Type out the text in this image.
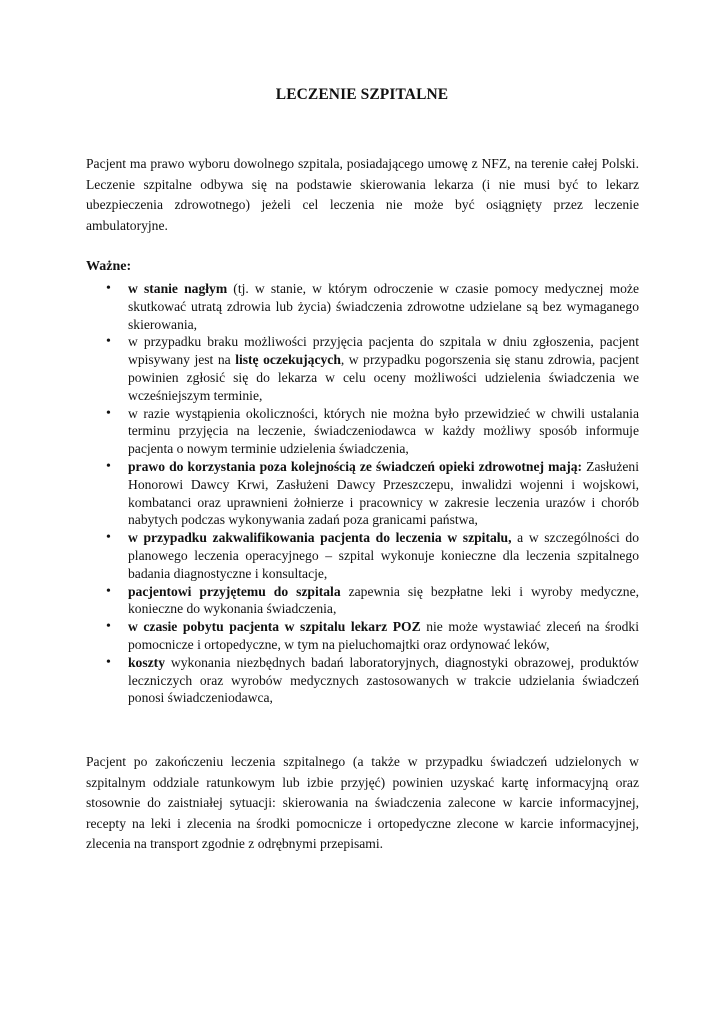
LECZENIE SZPITALNE

Pacjent ma prawo wyboru dowolnego szpitala, posiadającego umowę z NFZ, na terenie całej Polski. Leczenie szpitalne odbywa się na podstawie skierowania lekarza (i nie musi być to lekarz ubezpieczenia zdrowotnego) jeżeli cel leczenia nie może być osiągnięty przez leczenie ambulatoryjne.

Ważne:
• w stanie nagłym (tj. w stanie, w którym odroczenie w czasie pomocy medycznej może skutkować utratą zdrowia lub życia) świadczenia zdrowotne udzielane są bez wymaganego skierowania,
• w przypadku braku możliwości przyjęcia pacjenta do szpitala w dniu zgłoszenia, pacjent wpisywany jest na listę oczekujących, w przypadku pogorszenia się stanu zdrowia, pacjent powinien zgłosić się do lekarza w celu oceny możliwości udzielenia świadczenia we wcześniejszym terminie,
• w razie wystąpienia okoliczności, których nie można było przewidzieć w chwili ustalania terminu przyjęcia na leczenie, świadczeniodawca w każdy możliwy sposób informuje pacjenta o nowym terminie udzielenia świadczenia,
• prawo do korzystania poza kolejnością ze świadczeń opieki zdrowotnej mają: Zasłużeni Honorowi Dawcy Krwi, Zasłużeni Dawcy Przeszczepu, inwalidzi wojenni i wojskowi, kombatanci oraz uprawnieni żołnierze i pracownicy w zakresie leczenia urazów i chorób nabytych podczas wykonywania zadań poza granicami państwa,
• w przypadku zakwalifikowania pacjenta do leczenia w szpitalu, a w szczególności do planowego leczenia operacyjnego – szpital wykonuje konieczne dla leczenia szpitalnego badania diagnostyczne i konsultacje,
• pacjentowi przyjętemu do szpitala zapewnia się bezpłatne leki i wyroby medyczne, konieczne do wykonania świadczenia,
• w czasie pobytu pacjenta w szpitalu lekarz POZ nie może wystawiać zleceń na środki pomocnicze i ortopedyczne, w tym na pieluchomajtki oraz ordynować leków,
• koszty wykonania niezbędnych badań laboratoryjnych, diagnostyki obrazowej, produktów leczniczych oraz wyrobów medycznych zastosowanych w trakcie udzielania świadczeń ponosi świadczeniodawca,

Pacjent po zakończeniu leczenia szpitalnego (a także w przypadku świadczeń udzielonych w szpitalnym oddziale ratunkowym lub izbie przyjęć) powinien uzyskać kartę informacyjną oraz stosownie do zaistniałej sytuacji: skierowania na świadczenia zalecone w karcie informacyjnej, recepty na leki i zlecenia na środki pomocnicze i ortopedyczne zlecone w karcie informacyjnej, zlecenia na transport zgodnie z odrębnymi przepisami.
